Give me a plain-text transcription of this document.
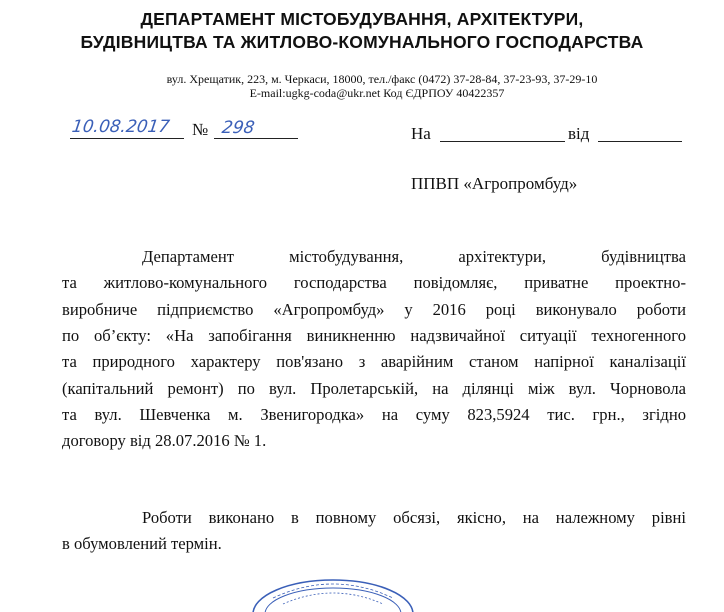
ДЕПАРТАМЕНТ МІСТОБУДУВАННЯ, АРХІТЕКТУРИ,
БУДІВНИЦТВА ТА ЖИТЛОВО-КОМУНАЛЬНОГО ГОСПОДАРСТВА
вул. Хрещатик, 223, м. Черкаси, 18000, тел./факс (0472) 37-28-84, 37-23-93, 37-29-10
E-mail:ugkg-coda@ukr.net Код ЄДРПОУ 40422357
10.08.2017 № 298	На	від
ППВП «Агропромбуд»
Департамент містобудування, архітектури, будівництва
та житлово-комунального господарства повідомляє, приватне проектно-
виробниче підприємство «Агропромбуд» у 2016 році виконувало роботи
по об’єкту: «На запобігання виникненню надзвичайної ситуації техногенного
та природного характеру пов'язано з аварійним станом напірної каналізації
(капітальний ремонт) по вул. Пролетарській, на ділянці між вул. Чорновола
та вул. Шевченка м. Звенигородка» на суму 823,5924 тис. грн., згідно
договору від 28.07.2016 № 1.
Роботи виконано в повному обсязі, якісно, на належному рівні
в обумовлений термін.
